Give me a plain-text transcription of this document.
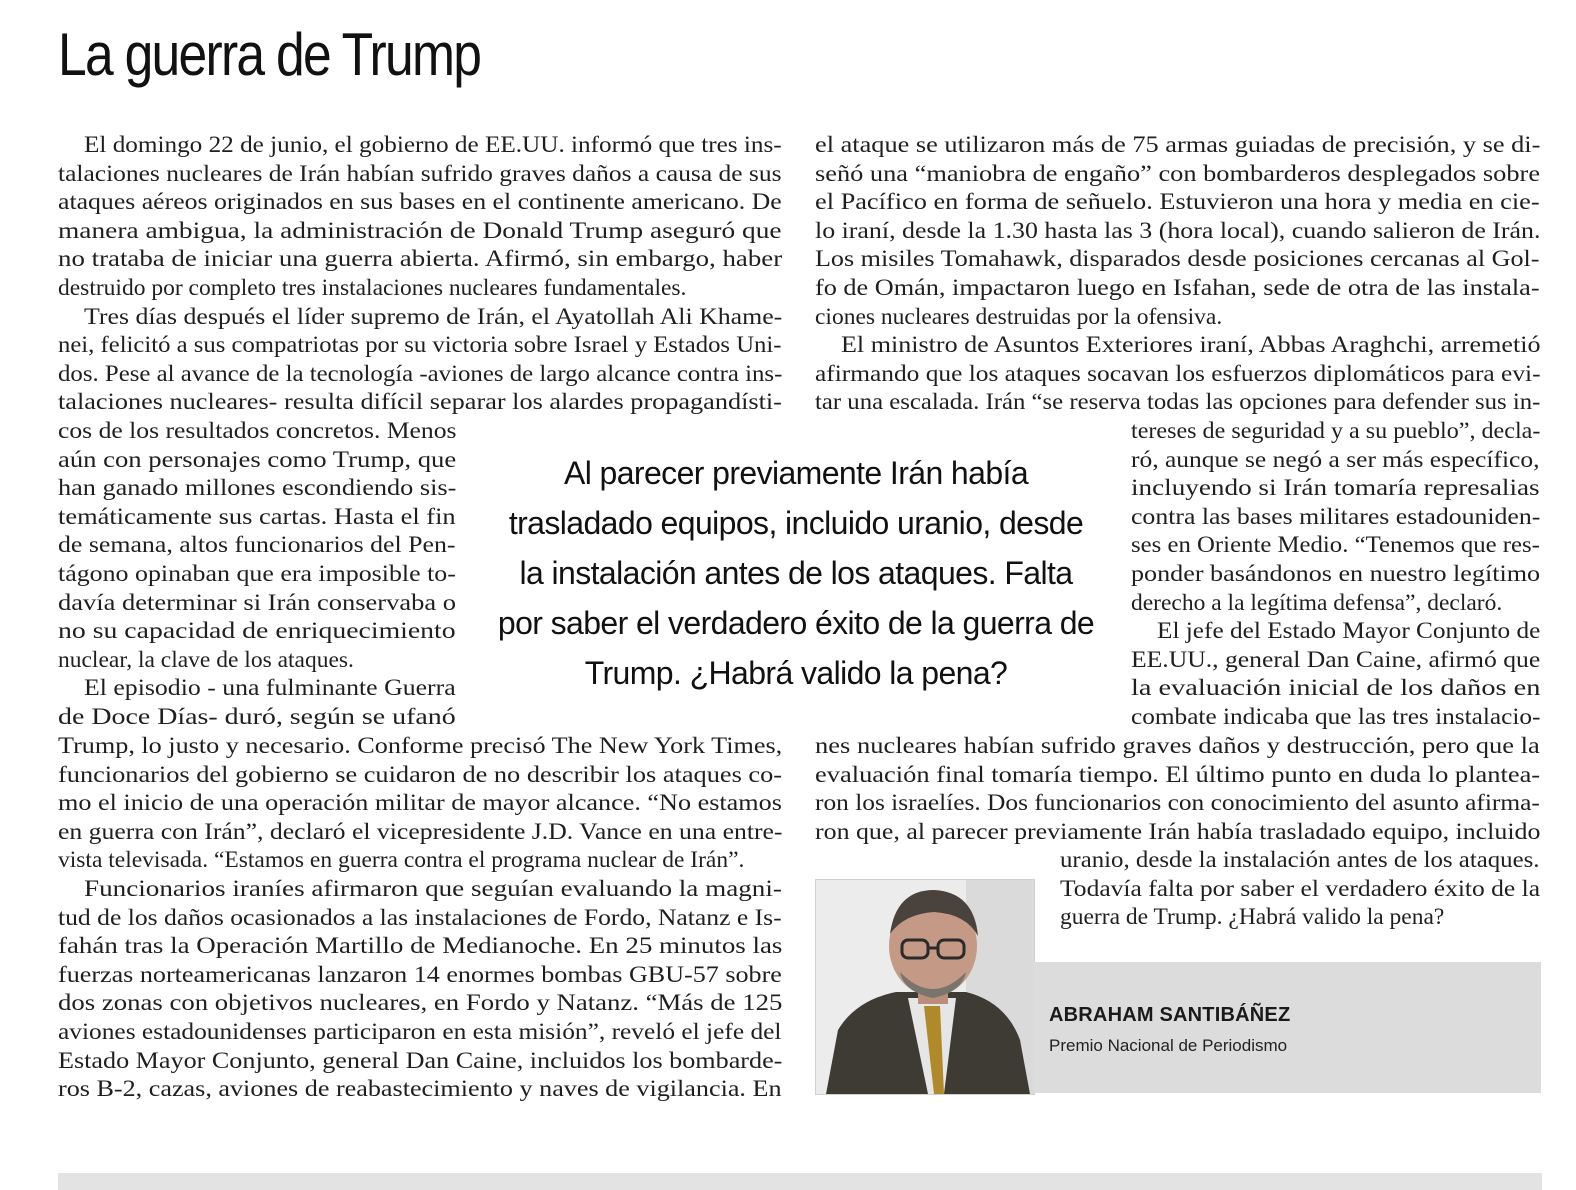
La guerra de Trump
El domingo 22 de junio, el gobierno de EE.UU. informó que tres ins-
talaciones nucleares de Irán habían sufrido graves daños a causa de sus
ataques aéreos originados en sus bases en el continente americano. De
manera ambigua, la administración de Donald Trump aseguró que
no trataba de iniciar una guerra abierta. Afirmó, sin embargo, haber
destruido por completo tres instalaciones nucleares fundamentales.
Tres días después el líder supremo de Irán, el Ayatollah Ali Khame-
nei, felicitó a sus compatriotas por su victoria sobre Israel y Estados Uni-
dos. Pese al avance de la tecnología -aviones de largo alcance contra ins-
talaciones nucleares- resulta difícil separar los alardes propagandísti-
cos de los resultados concretos. Menos
aún con personajes como Trump, que
han ganado millones escondiendo sis-
temáticamente sus cartas. Hasta el fin
de semana, altos funcionarios del Pen-
tágono opinaban que era imposible to-
davía determinar si Irán conservaba o
no su capacidad de enriquecimiento
nuclear, la clave de los ataques.
El episodio - una fulminante Guerra
de Doce Días- duró, según se ufanó
Trump, lo justo y necesario. Conforme precisó The New York Times,
funcionarios del gobierno se cuidaron de no describir los ataques co-
mo el inicio de una operación militar de mayor alcance. “No estamos
en guerra con Irán”, declaró el vicepresidente J.D. Vance en una entre-
vista televisada. “Estamos en guerra contra el programa nuclear de Irán”.
Funcionarios iraníes afirmaron que seguían evaluando la magni-
tud de los daños ocasionados a las instalaciones de Fordo, Natanz e Is-
fahán tras la Operación Martillo de Medianoche. En 25 minutos las
fuerzas norteamericanas lanzaron 14 enormes bombas GBU-57 sobre
dos zonas con objetivos nucleares, en Fordo y Natanz. “Más de 125
aviones estadounidenses participaron en esta misión”, reveló el jefe del
Estado Mayor Conjunto, general Dan Caine, incluidos los bombarde-
ros B-2, cazas, aviones de reabastecimiento y naves de vigilancia. En
el ataque se utilizaron más de 75 armas guiadas de precisión, y se di-
señó una “maniobra de engaño” con bombarderos desplegados sobre
el Pacífico en forma de señuelo. Estuvieron una hora y media en cie-
lo iraní, desde la 1.30 hasta las 3 (hora local), cuando salieron de Irán.
Los misiles Tomahawk, disparados desde posiciones cercanas al Gol-
fo de Omán, impactaron luego en Isfahan, sede de otra de las instala-
ciones nucleares destruidas por la ofensiva.
El ministro de Asuntos Exteriores iraní, Abbas Araghchi, arremetió
afirmando que los ataques socavan los esfuerzos diplomáticos para evi-
tar una escalada. Irán “se reserva todas las opciones para defender sus in-
tereses de seguridad y a su pueblo”, decla-
ró, aunque se negó a ser más específico,
incluyendo si Irán tomaría represalias
contra las bases militares estadouniden-
ses en Oriente Medio. “Tenemos que res-
ponder basándonos en nuestro legítimo
derecho a la legítima defensa”, declaró.
El jefe del Estado Mayor Conjunto de
EE.UU., general Dan Caine, afirmó que
la evaluación inicial de los daños en
combate indicaba que las tres instalacio-
nes nucleares habían sufrido graves daños y destrucción, pero que la
evaluación final tomaría tiempo. El último punto en duda lo plantea-
ron los israelíes. Dos funcionarios con conocimiento del asunto afirma-
ron que, al parecer previamente Irán había trasladado equipo, incluido
uranio, desde la instalación antes de los ataques.
Todavía falta por saber el verdadero éxito de la
guerra de Trump. ¿Habrá valido la pena?
Al parecer previamente Irán había trasladado equipos, incluido uranio, desde la instalación antes de los ataques. Falta por saber el verdadero éxito de la guerra de Trump. ¿Habrá valido la pena?
ABRAHAM SANTIBÁÑEZ
Premio Nacional de Periodismo
